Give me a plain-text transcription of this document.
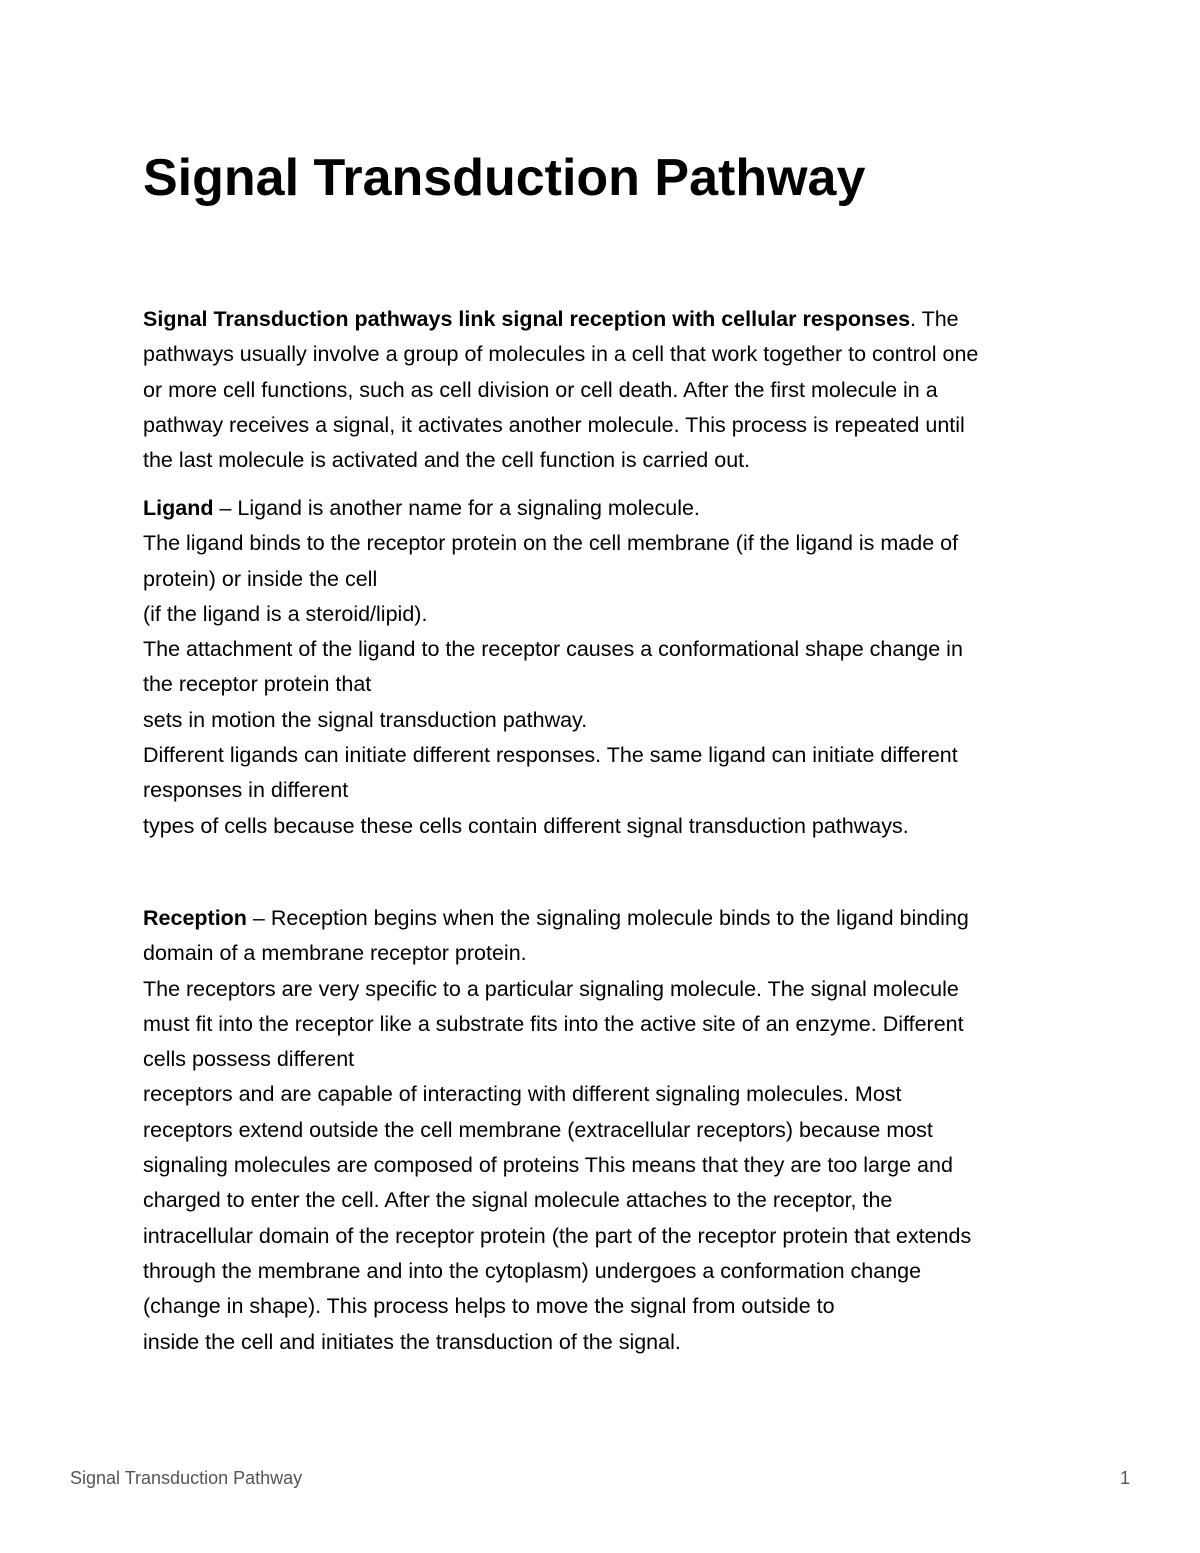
Signal Transduction Pathway

Signal Transduction pathways link signal reception with cellular responses. The
pathways usually involve a group of molecules in a cell that work together to control one
or more cell functions, such as cell division or cell death. After the first molecule in a
pathway receives a signal, it activates another molecule. This process is repeated until
the last molecule is activated and the cell function is carried out.

Ligand – Ligand is another name for a signaling molecule.
The ligand binds to the receptor protein on the cell membrane (if the ligand is made of
protein) or inside the cell
(if the ligand is a steroid/lipid).
The attachment of the ligand to the receptor causes a conformational shape change in
the receptor protein that
sets in motion the signal transduction pathway.
Different ligands can initiate different responses. The same ligand can initiate different
responses in different
types of cells because these cells contain different signal transduction pathways.

Reception – Reception begins when the signaling molecule binds to the ligand binding
domain of a membrane receptor protein.
The receptors are very specific to a particular signaling molecule. The signal molecule
must fit into the receptor like a substrate fits into the active site of an enzyme. Different
cells possess different
receptors and are capable of interacting with different signaling molecules. Most
receptors extend outside the cell membrane (extracellular receptors) because most
signaling molecules are composed of proteins This means that they are too large and
charged to enter the cell. After the signal molecule attaches to the receptor, the
intracellular domain of the receptor protein (the part of the receptor protein that extends
through the membrane and into the cytoplasm) undergoes a conformation change
(change in shape). This process helps to move the signal from outside to
inside the cell and initiates the transduction of the signal.

Signal Transduction Pathway	1
